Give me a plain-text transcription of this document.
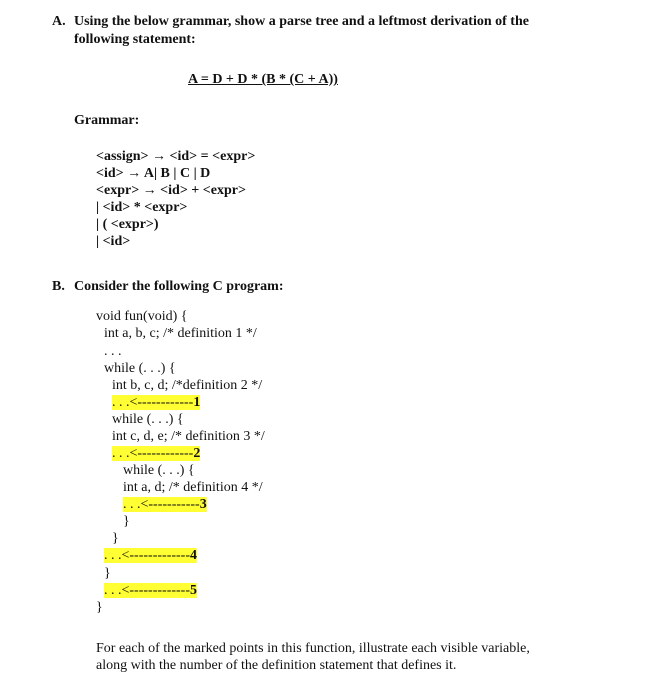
A. Using the below grammar, show a parse tree and a leftmost derivation of the
following statement:
A = D + D * (B * (C + A))
Grammar:
<assign> → <id> = <expr>
<id> → A| B | C | D
<expr> → <id> + <expr>
| <id> * <expr>
| ( <expr>)
| <id>
B. Consider the following C program:
void fun(void) {
int a, b, c; /* definition 1 */
. . .
while (. . .) {
int b, c, d; /*definition 2 */
. . .<------------1
while (. . .) {
int c, d, e; /* definition 3 */
. . .<------------2
while (. . .) {
int a, d; /* definition 4 */
. . .<-----------3
}
}
. . .<-------------4
}
. . .<-------------5
}
For each of the marked points in this function, illustrate each visible variable,
along with the number of the definition statement that defines it.
